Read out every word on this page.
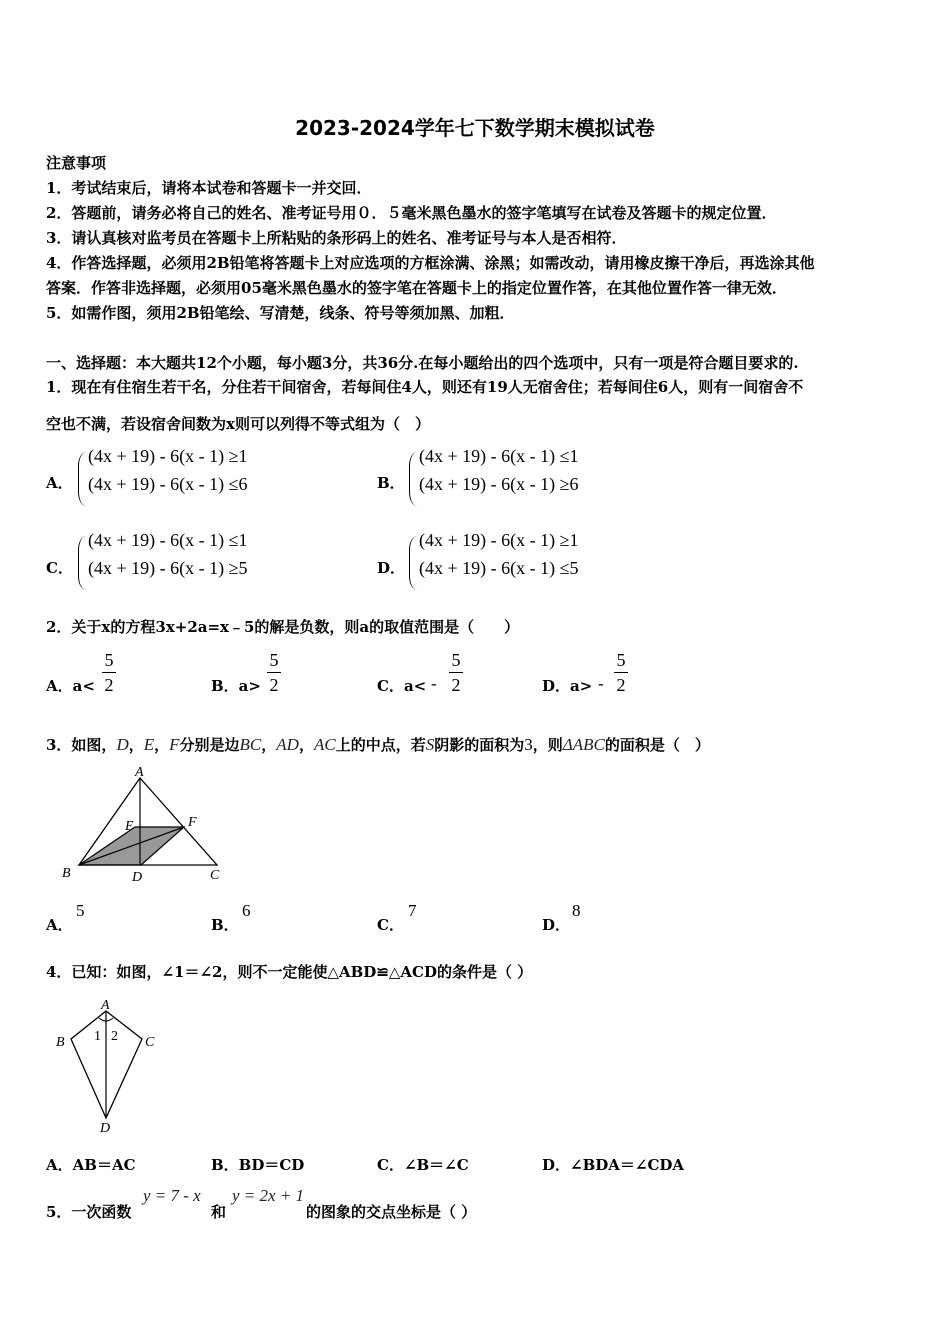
2023-2024学年七下数学期末模拟试卷
注意事项
1．考试结束后，请将本试卷和答题卡一并交回．
2．答题前，请务必将自己的姓名、准考证号用０．５毫米黑色墨水的签字笔填写在试卷及答题卡的规定位置．
3．请认真核对监考员在答题卡上所粘贴的条形码上的姓名、准考证号与本人是否相符．
4．作答选择题，必须用2B铅笔将答题卡上对应选项的方框涂满、涂黑；如需改动，请用橡皮擦干净后，再选涂其他
答案．作答非选择题，必须用05毫米黑色墨水的签字笔在答题卡上的指定位置作答，在其他位置作答一律无效．
5．如需作图，须用2B铅笔绘、写清楚，线条、符号等须加黑、加粗．
一、选择题：本大题共12个小题，每小题3分，共36分.在每小题给出的四个选项中，只有一项是符合题目要求的.
1．现在有住宿生若干名，分住若干间宿舍，若每间住4人，则还有19人无宿舍住；若每间住6人，则有一间宿舍不
空也不满，若设宿舍间数为x则可以列得不等式组为（　）
A．
(4x + 19) - 6(x - 1) ≥1
(4x + 19) - 6(x - 1) ≤6	B．
(4x + 19) - 6(x - 1) ≤1
(4x + 19) - 6(x - 1) ≥6
C．
(4x + 19) - 6(x - 1) ≤1
(4x + 19) - 6(x - 1) ≥5	D．
(4x + 19) - 6(x - 1) ≥1
(4x + 19) - 6(x - 1) ≤5
2．关于x的方程3x+2a=x﹣5的解是负数，则a的取值范围是（　　）
A．a<
5
2	B．a>
5
2	C．a< -
5
2	D．a> -
5
2
3．如图，D，E，F分别是边BC，AD，AC上的中点，若S阴影的面积为3，则ΔABC的面积是（　）
A
B	C
D
E	F
A．
5
B．
6
C．
7
D．
8
4．已知：如图，∠1＝∠2，则不一定能使△ABD≌△ACD的条件是（ ）
A
B	C
D
1 2
A．AB＝AC	B．BD＝CD	C．∠B＝∠C	D．∠BDA＝∠CDA
5．一次函数
y = 7 - x
和
y = 2x + 1
的图象的交点坐标是（ ）
